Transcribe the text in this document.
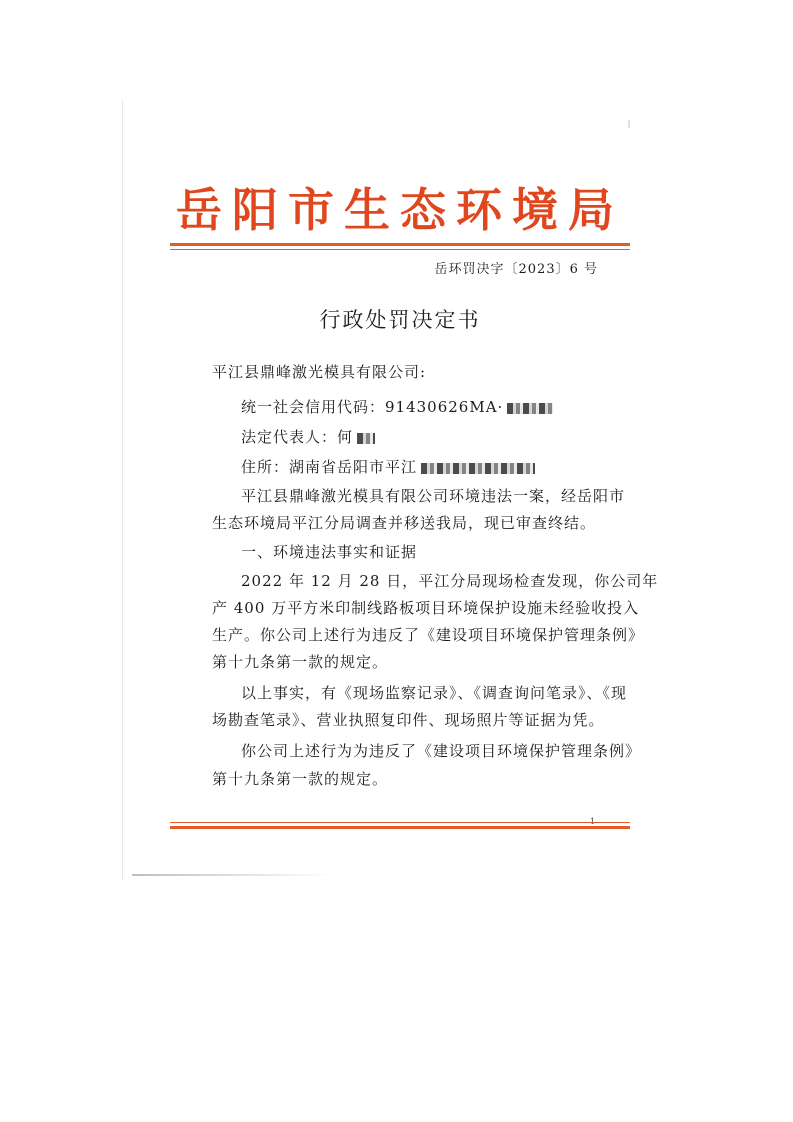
岳阳市生态环境局
岳环罚决字〔2023〕6 号
行政处罚决定书
平江县鼎峰激光模具有限公司:
统一社会信用代码：91430626MA·
法定代表人：何
住所：湖南省岳阳市平江
平江县鼎峰激光模具有限公司环境违法一案，经岳阳市
生态环境局平江分局调查并移送我局，现已审查终结。
一、环境违法事实和证据
2022 年 12 月 28 日，平江分局现场检查发现，你公司年
产 400 万平方米印制线路板项目环境保护设施未经验收投入
生产。你公司上述行为违反了《建设项目环境保护管理条例》
第十九条第一款的规定。
以上事实，有《现场监察记录》、《调查询问笔录》、《现
场勘查笔录》、营业执照复印件、现场照片等证据为凭。
你公司上述行为为违反了《建设项目环境保护管理条例》
第十九条第一款的规定。
